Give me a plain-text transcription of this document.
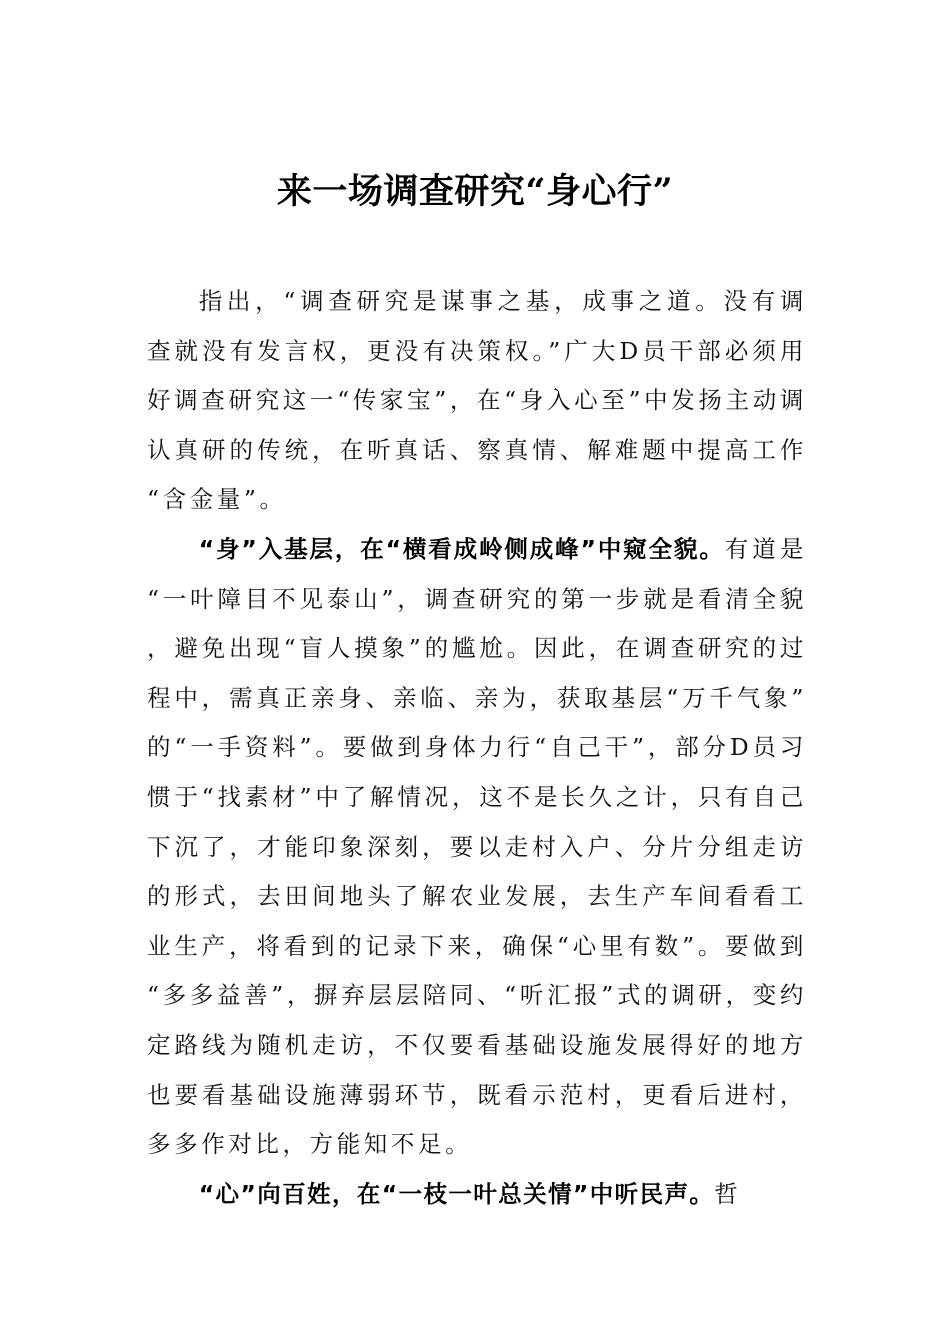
来一场调查研究“身心行”

指出，“调查研究是谋事之基，成事之道。没有调查就没有发言权，更没有决策权。”广大D员干部必须用好调查研究这一“传家宝”，在“身入心至”中发扬主动调认真研的传统，在听真话、察真情、解难题中提高工作“含金量”。

“身”入基层，在“横看成岭侧成峰”中窥全貌。有道是“一叶障目不见泰山”，调查研究的第一步就是看清全貌，避免出现“盲人摸象”的尴尬。因此，在调查研究的过程中，需真正亲身、亲临、亲为，获取基层“万千气象”的“一手资料”。要做到身体力行“自己干”，部分D员习惯于“找素材”中了解情况，这不是长久之计，只有自己下沉了，才能印象深刻，要以走村入户、分片分组走访的形式，去田间地头了解农业发展，去生产车间看看工业生产，将看到的记录下来，确保“心里有数”。要做到“多多益善”，摒弃层层陪同、“听汇报”式的调研，变约定路线为随机走访，不仅要看基础设施发展得好的地方也要看基础设施薄弱环节，既看示范村，更看后进村，多多作对比，方能知不足。

“心”向百姓，在“一枝一叶总关情”中听民声。哲
